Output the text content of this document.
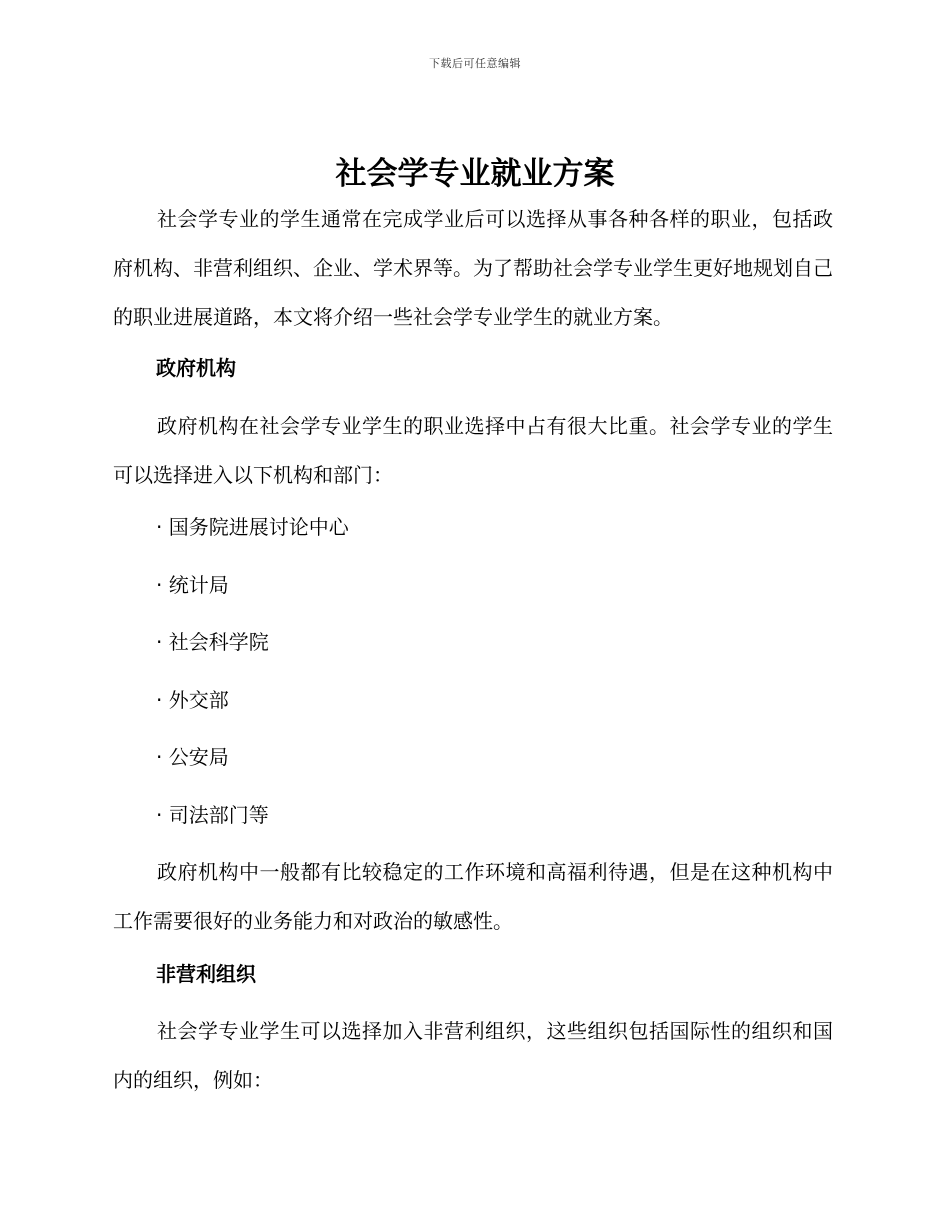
下载后可任意编辑
社会学专业就业方案

社会学专业的学生通常在完成学业后可以选择从事各种各样的职业，包括政府机构、非营利组织、企业、学术界等。为了帮助社会学专业学生更好地规划自己的职业进展道路，本文将介绍一些社会学专业学生的就业方案。

政府机构

政府机构在社会学专业学生的职业选择中占有很大比重。社会学专业的学生可以选择进入以下机构和部门：

· 国务院进展讨论中心
· 统计局
· 社会科学院
· 外交部
· 公安局
· 司法部门等

政府机构中一般都有比较稳定的工作环境和高福利待遇，但是在这种机构中工作需要很好的业务能力和对政治的敏感性。

非营利组织

社会学专业学生可以选择加入非营利组织，这些组织包括国际性的组织和国内的组织，例如：
